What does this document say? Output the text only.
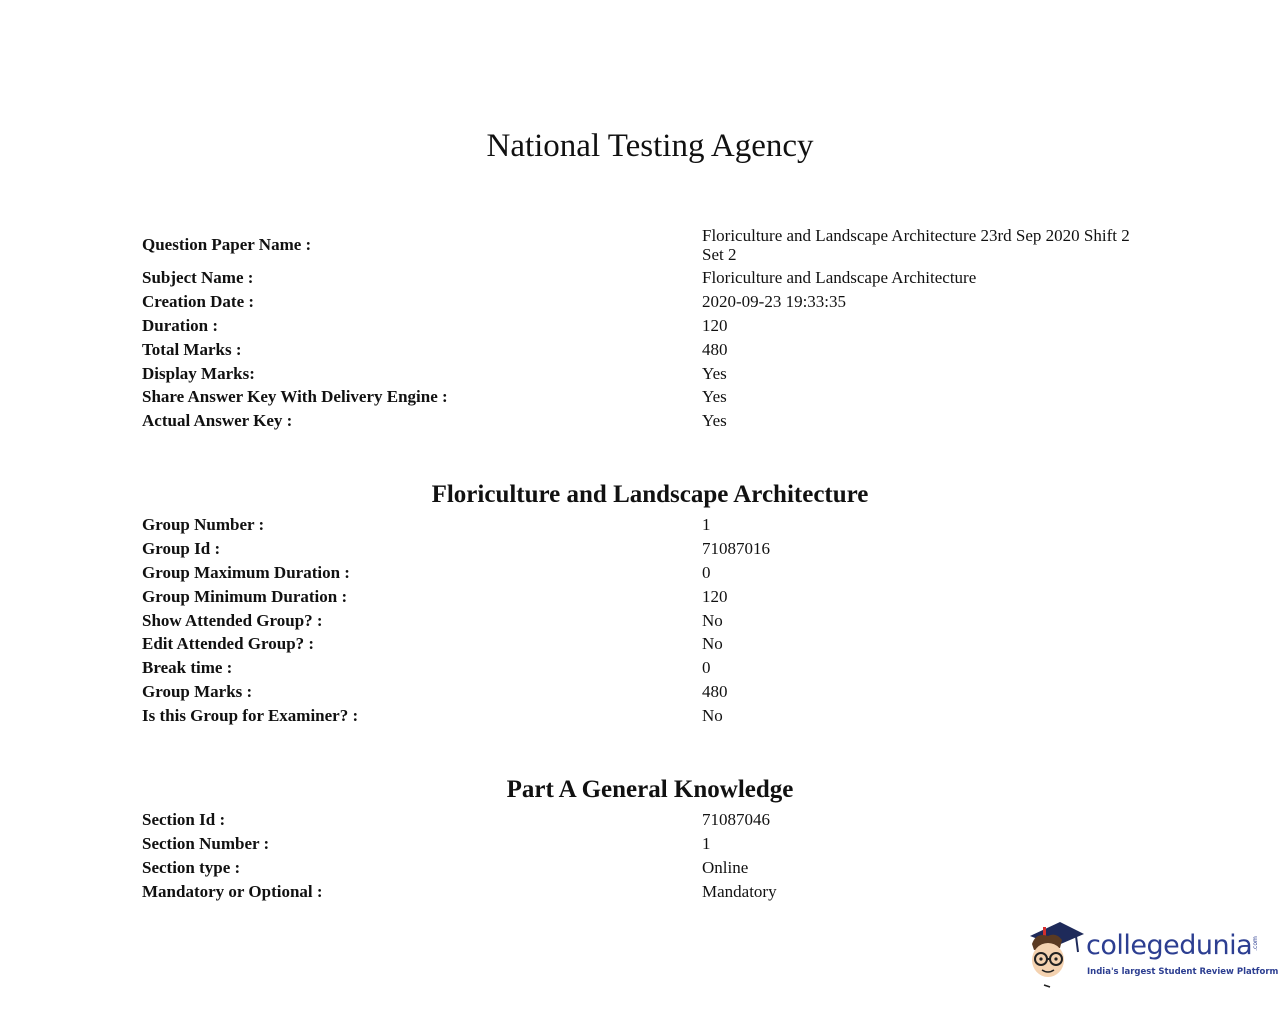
National Testing Agency
Question Paper Name :	Floriculture and Landscape Architecture 23rd Sep 2020 Shift 2
Set 2

Subject Name :	Floriculture and Landscape Architecture
Creation Date :	2020-09-23 19:33:35
Duration :	120
Total Marks :	480
Display Marks:	Yes
Share Answer Key With Delivery Engine :	Yes
Actual Answer Key :	Yes
Floriculture and Landscape Architecture
Group Number :	1
Group Id :	71087016
Group Maximum Duration :	0
Group Minimum Duration :	120
Show Attended Group? :	No
Edit Attended Group? :	No
Break time :	0
Group Marks :	480
Is this Group for Examiner? :	No
Part A General Knowledge
Section Id :	71087046
Section Number :	1
Section type :	Online
Mandatory or Optional :	Mandatory
collegedunia .com
India's largest Student Review Platform
